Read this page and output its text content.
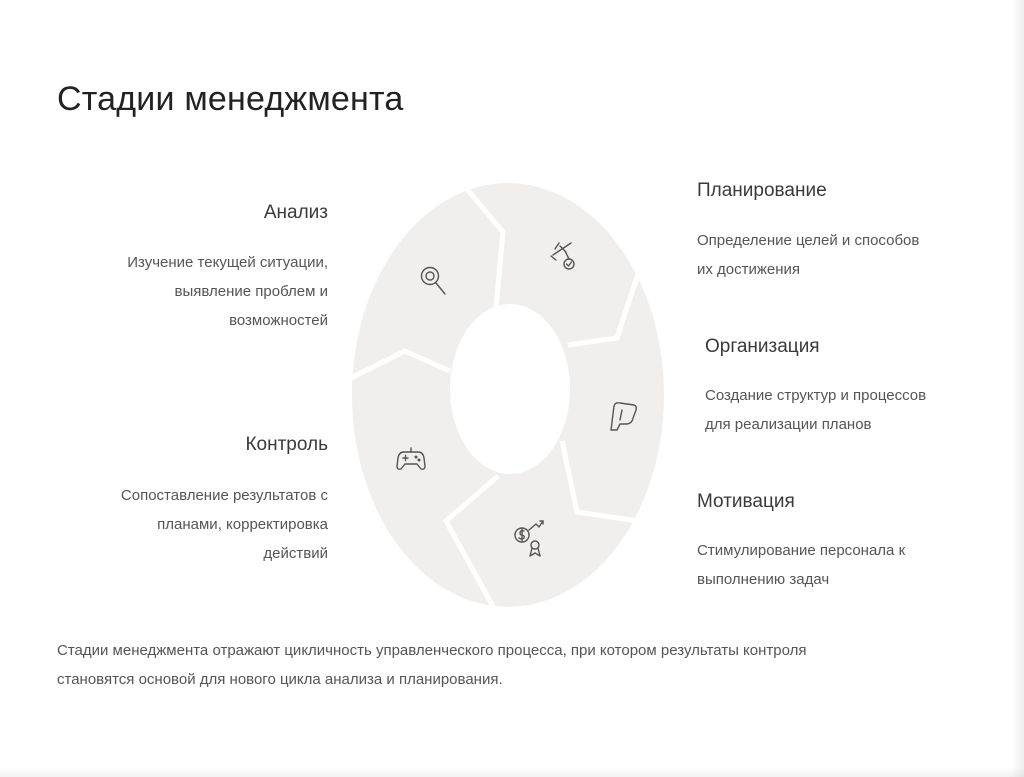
Стадии менеджмента
Анализ
Изучение текущей ситуации,
выявление проблем и
возможностей
Планирование
Определение целей и способов
их достижения
Организация
Создание структур и процессов
для реализации планов
Мотивация
Стимулирование персонала к
выполнению задач
Контроль
Сопоставление результатов с
планами, корректировка
действий
Стадии менеджмента отражают цикличность управленческого процесса, при котором результаты контроля
становятся основой для нового цикла анализа и планирования.
